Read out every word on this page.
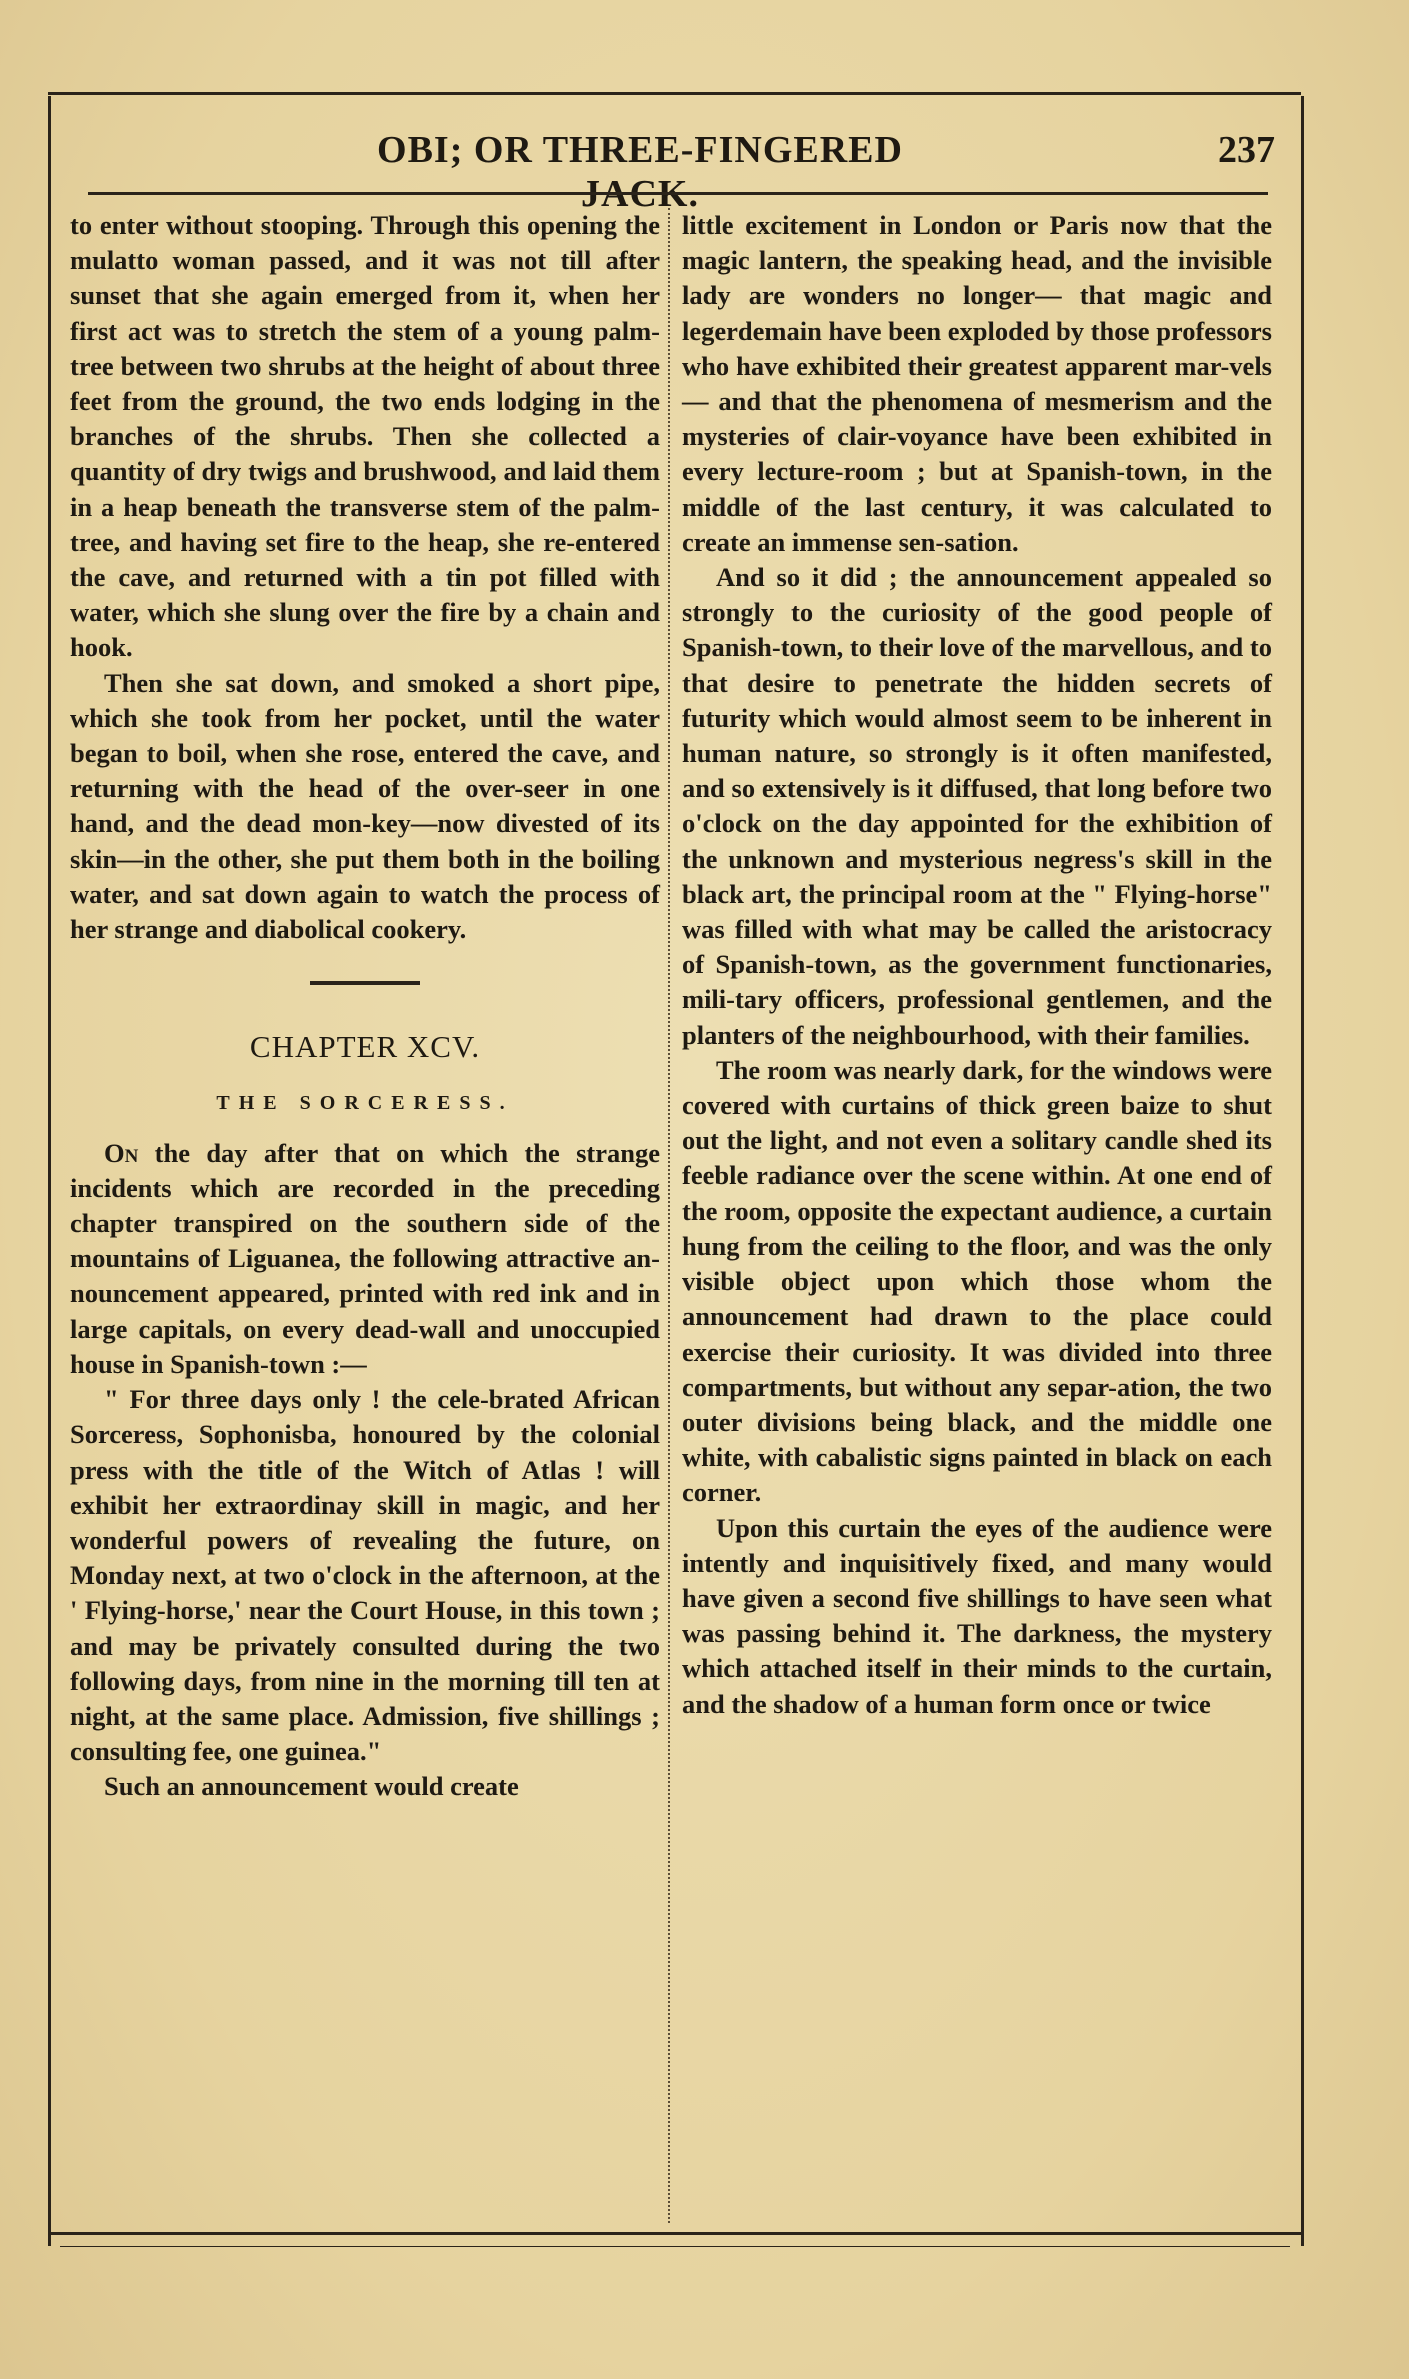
OBI; OR THREE-FINGERED JACK.
237

to enter without stooping. Through this opening the mulatto woman passed, and it was not till after sunset that she again emerged from it, when her first act was to stretch the stem of a young palm-tree between two shrubs at the height of about three feet from the ground, the two ends lodging in the branches of the shrubs. Then she collected a quantity of dry twigs and brushwood, and laid them in a heap beneath the transverse stem of the palm-tree, and having set fire to the heap, she re-entered the cave, and returned with a tin pot filled with water, which she slung over the fire by a chain and hook.

Then she sat down, and smoked a short pipe, which she took from her pocket, until the water began to boil, when she rose, entered the cave, and returning with the head of the over-seer in one hand, and the dead mon-key—now divested of its skin—in the other, she put them both in the boiling water, and sat down again to watch the process of her strange and diabolical cookery.

CHAPTER XCV.
THE SORCERESS.

On the day after that on which the strange incidents which are recorded in the preceding chapter transpired on the southern side of the mountains of Liguanea, the following attractive an-nouncement appeared, printed with red ink and in large capitals, on every dead-wall and unoccupied house in Spanish-town :—

" For three days only ! the cele-brated African Sorceress, Sophonisba, honoured by the colonial press with the title of the Witch of Atlas ! will exhibit her extraordinay skill in magic, and her wonderful powers of revealing the future, on Monday next, at two o'clock in the afternoon, at the ' Flying-horse,' near the Court House, in this town ; and may be privately consulted during the two following days, from nine in the morning till ten at night, at the same place. Admission, five shillings ; consulting fee, one guinea."

Such an announcement would create

little excitement in London or Paris now that the magic lantern, the speaking head, and the invisible lady are wonders no longer— that magic and legerdemain have been exploded by those professors who have exhibited their greatest apparent mar-vels — and that the phenomena of mesmerism and the mysteries of clair-voyance have been exhibited in every lecture-room ; but at Spanish-town, in the middle of the last century, it was calculated to create an immense sen-sation.

And so it did ; the announcement appealed so strongly to the curiosity of the good people of Spanish-town, to their love of the marvellous, and to that desire to penetrate the hidden secrets of futurity which would almost seem to be inherent in human nature, so strongly is it often manifested, and so extensively is it diffused, that long before two o'clock on the day appointed for the exhibition of the unknown and mysterious negress's skill in the black art, the principal room at the " Flying-horse" was filled with what may be called the aristocracy of Spanish-town, as the government functionaries, mili-tary officers, professional gentlemen, and the planters of the neighbourhood, with their families.

The room was nearly dark, for the windows were covered with curtains of thick green baize to shut out the light, and not even a solitary candle shed its feeble radiance over the scene within. At one end of the room, opposite the expectant audience, a curtain hung from the ceiling to the floor, and was the only visible object upon which those whom the announcement had drawn to the place could exercise their curiosity. It was divided into three compartments, but without any separ-ation, the two outer divisions being black, and the middle one white, with cabalistic signs painted in black on each corner.

Upon this curtain the eyes of the audience were intently and inquisitively fixed, and many would have given a second five shillings to have seen what was passing behind it. The darkness, the mystery which attached itself in their minds to the curtain, and the shadow of a human form once or twice
